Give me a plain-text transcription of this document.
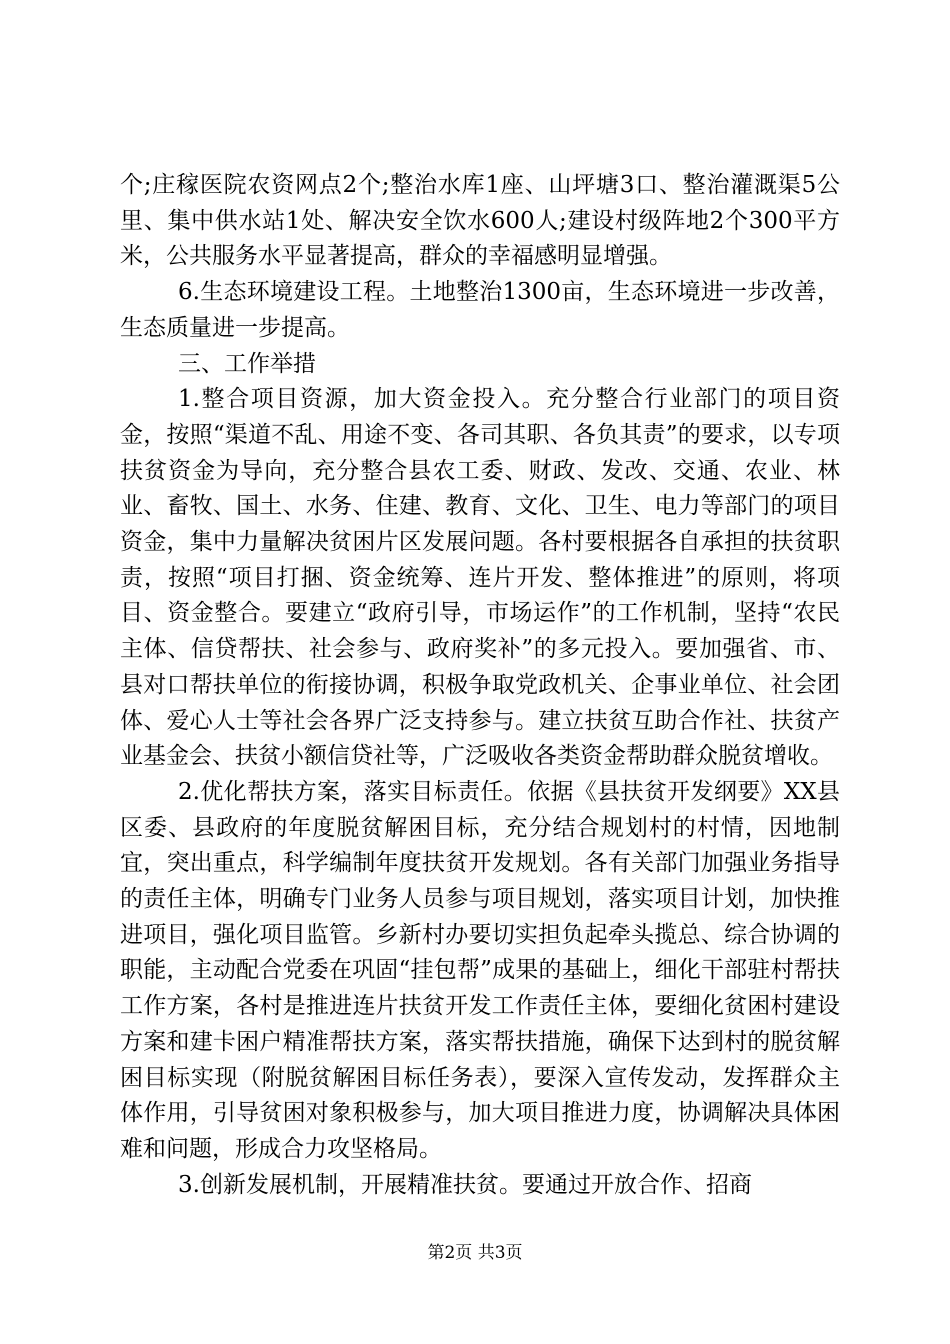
个;庄稼医院农资网点2个;整治水库1座、山坪塘3口、整治灌溉渠5公里、集中供水站1处、解决安全饮水600人;建设村级阵地2个300平方米，公共服务水平显著提高，群众的幸福感明显增强。

6.生态环境建设工程。土地整治1300亩，生态环境进一步改善，生态质量进一步提高。

三、工作举措

1.整合项目资源，加大资金投入。充分整合行业部门的项目资金，按照“渠道不乱、用途不变、各司其职、各负其责”的要求，以专项扶贫资金为导向，充分整合县农工委、财政、发改、交通、农业、林业、畜牧、国土、水务、住建、教育、文化、卫生、电力等部门的项目资金，集中力量解决贫困片区发展问题。各村要根据各自承担的扶贫职责，按照“项目打捆、资金统筹、连片开发、整体推进”的原则，将项目、资金整合。要建立“政府引导，市场运作”的工作机制，坚持“农民主体、信贷帮扶、社会参与、政府奖补”的多元投入。要加强省、市、县对口帮扶单位的衔接协调，积极争取党政机关、企事业单位、社会团体、爱心人士等社会各界广泛支持参与。建立扶贫互助合作社、扶贫产业基金会、扶贫小额信贷社等，广泛吸收各类资金帮助群众脱贫增收。

2.优化帮扶方案，落实目标责任。依据《县扶贫开发纲要》XX县区委、县政府的年度脱贫解困目标，充分结合规划村的村情，因地制宜，突出重点，科学编制年度扶贫开发规划。各有关部门加强业务指导的责任主体，明确专门业务人员参与项目规划，落实项目计划，加快推进项目，强化项目监管。乡新村办要切实担负起牵头揽总、综合协调的职能，主动配合党委在巩固“挂包帮”成果的基础上，细化干部驻村帮扶工作方案，各村是推进连片扶贫开发工作责任主体，要细化贫困村建设方案和建卡困户精准帮扶方案，落实帮扶措施，确保下达到村的脱贫解困目标实现（附脱贫解困目标任务表），要深入宣传发动，发挥群众主体作用，引导贫困对象积极参与，加大项目推进力度，协调解决具体困难和问题，形成合力攻坚格局。

3.创新发展机制，开展精准扶贫。要通过开放合作、招商

第2页 共3页
